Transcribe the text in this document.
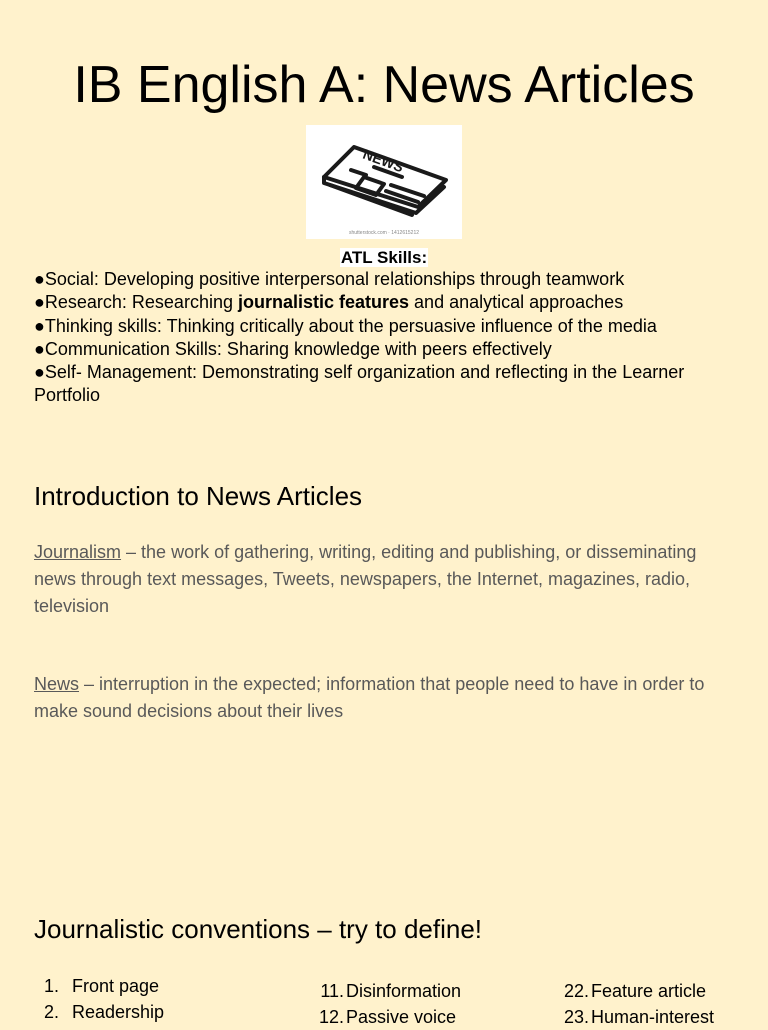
IB English A: News Articles
NEWS
shutterstock.com · 1412615212
ATL Skills:
●Social: Developing positive interpersonal relationships through teamwork
●Research: Researching journalistic features and analytical approaches
●Thinking skills: Thinking critically about the persuasive influence of the media
●Communication Skills: Sharing knowledge with peers effectively
●Self- Management: Demonstrating self organization and reflecting in the Learner Portfolio
Introduction to News Articles
Journalism – the work of gathering, writing, editing and publishing, or disseminating news through text messages, Tweets, newspapers, the Internet, magazines, radio, television
News – interruption in the expected; information that people need to have in order to make sound decisions about their lives
Journalistic conventions – try to define!
1. Front page
2. Readership
11. Disinformation
12. Passive voice
22. Feature article
23. Human-interest
